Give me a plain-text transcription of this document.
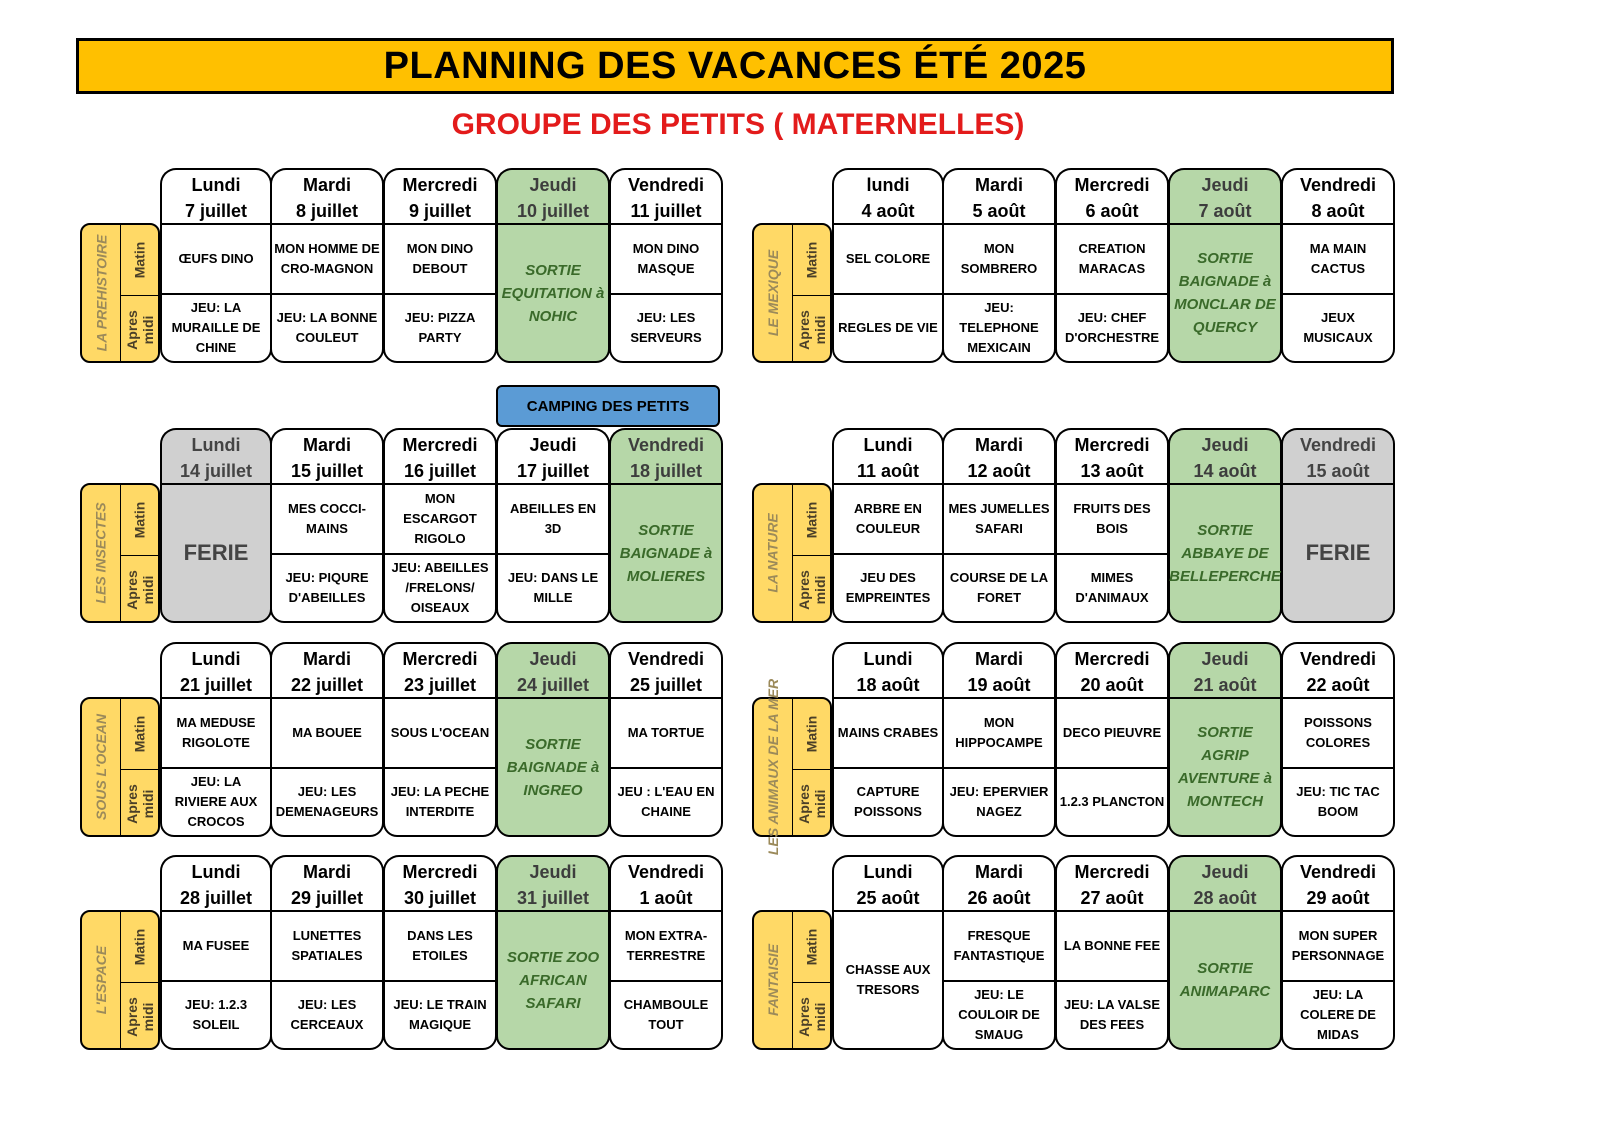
PLANNING DES VACANCES ÉTÉ 2025
GROUPE DES PETITS ( MATERNELLES)
CAMPING DES PETITS
LA PREHISTOIRE Matin
Apres
midi
Lundi
7 juillet
ŒUFS DINO
JEU: LA MURAILLE DE CHINE
Mardi
8 juillet
MON HOMME DE CRO-MAGNON
JEU: LA BONNE COULEUT
Mercredi
9 juillet
MON DINO DEBOUT
JEU: PIZZA PARTY
Jeudi
10 juillet
SORTIE EQUITATION à NOHIC
Vendredi
11 juillet
MON DINO MASQUE
JEU: LES SERVEURS
LE MEXIQUE Matin
Apres
midi
lundi
4 août
SEL COLORE
REGLES DE VIE
Mardi
5 août
MON SOMBRERO
JEU: TELEPHONE MEXICAIN
Mercredi
6 août
CREATION MARACAS
JEU: CHEF D'ORCHESTRE
Jeudi
7 août
SORTIE BAIGNADE à MONCLAR DE QUERCY
Vendredi
8 août
MA MAIN CACTUS
JEUX MUSICAUX
LES INSECTES Matin
Apres
midi
Lundi
14 juillet
FERIE
Mardi
15 juillet
MES COCCI-MAINS
JEU: PIQURE D'ABEILLES
Mercredi
16 juillet
MON ESCARGOT RIGOLO
JEU: ABEILLES /FRELONS/ OISEAUX
Jeudi
17 juillet
ABEILLES EN 3D
JEU: DANS LE MILLE
Vendredi
18 juillet
SORTIE BAIGNADE à MOLIERES	LA NATURE Matin
Apres
midi
Lundi
11 août
ARBRE EN COULEUR
JEU DES EMPREINTES
Mardi
12 août
MES JUMELLES SAFARI
COURSE DE LA FORET
Mercredi
13 août
FRUITS DES BOIS
MIMES D'ANIMAUX
Jeudi
14 août
SORTIE ABBAYE DE BELLEPERCHE
Vendredi
15 août
FERIE
SOUS L'OCEAN Matin
Apres
midi
Lundi
21 juillet
MA MEDUSE RIGOLOTE
JEU: LA RIVIERE AUX CROCOS
Mardi
22 juillet
MA BOUEE
JEU: LES DEMENAGEURS
Mercredi
23 juillet
SOUS L'OCEAN
JEU: LA PECHE INTERDITE
Jeudi
24 juillet
SORTIE BAIGNADE à INGREO
Vendredi
25 juillet
MA TORTUE
JEU : L'EAU EN CHAINE	LES ANIMAUX DE LA MER Matin
Apres
midi
Lundi
18 août
MAINS CRABES
CAPTURE POISSONS
Mardi
19 août
MON HIPPOCAMPE
JEU: EPERVIER NAGEZ
Mercredi
20 août
DECO PIEUVRE
1.2.3 PLANCTON
Jeudi
21 août
SORTIE AGRIP AVENTURE à MONTECH
Vendredi
22 août
POISSONS COLORES
JEU: TIC TAC BOOM
L'ESPACE Matin
Apres
midi
Lundi
28 juillet
MA FUSEE
JEU: 1.2.3 SOLEIL
Mardi
29 juillet
LUNETTES SPATIALES
JEU: LES CERCEAUX
Mercredi
30 juillet
DANS LES ETOILES
JEU: LE TRAIN MAGIQUE
Jeudi
31 juillet
SORTIE ZOO AFRICAN SAFARI
Vendredi
1 août
MON EXTRA-TERRESTRE
CHAMBOULE TOUT
FANTAISIE Matin
Apres
midi
Lundi
25 août
CHASSE AUX TRESORS
Mardi
26 août
FRESQUE FANTASTIQUE
JEU: LE COULOIR DE SMAUG
Mercredi
27 août
LA BONNE FEE
JEU: LA VALSE DES FEES
Jeudi
28 août
SORTIE ANIMAPARC
Vendredi
29 août
MON SUPER PERSONNAGE
JEU: LA COLERE DE MIDAS
